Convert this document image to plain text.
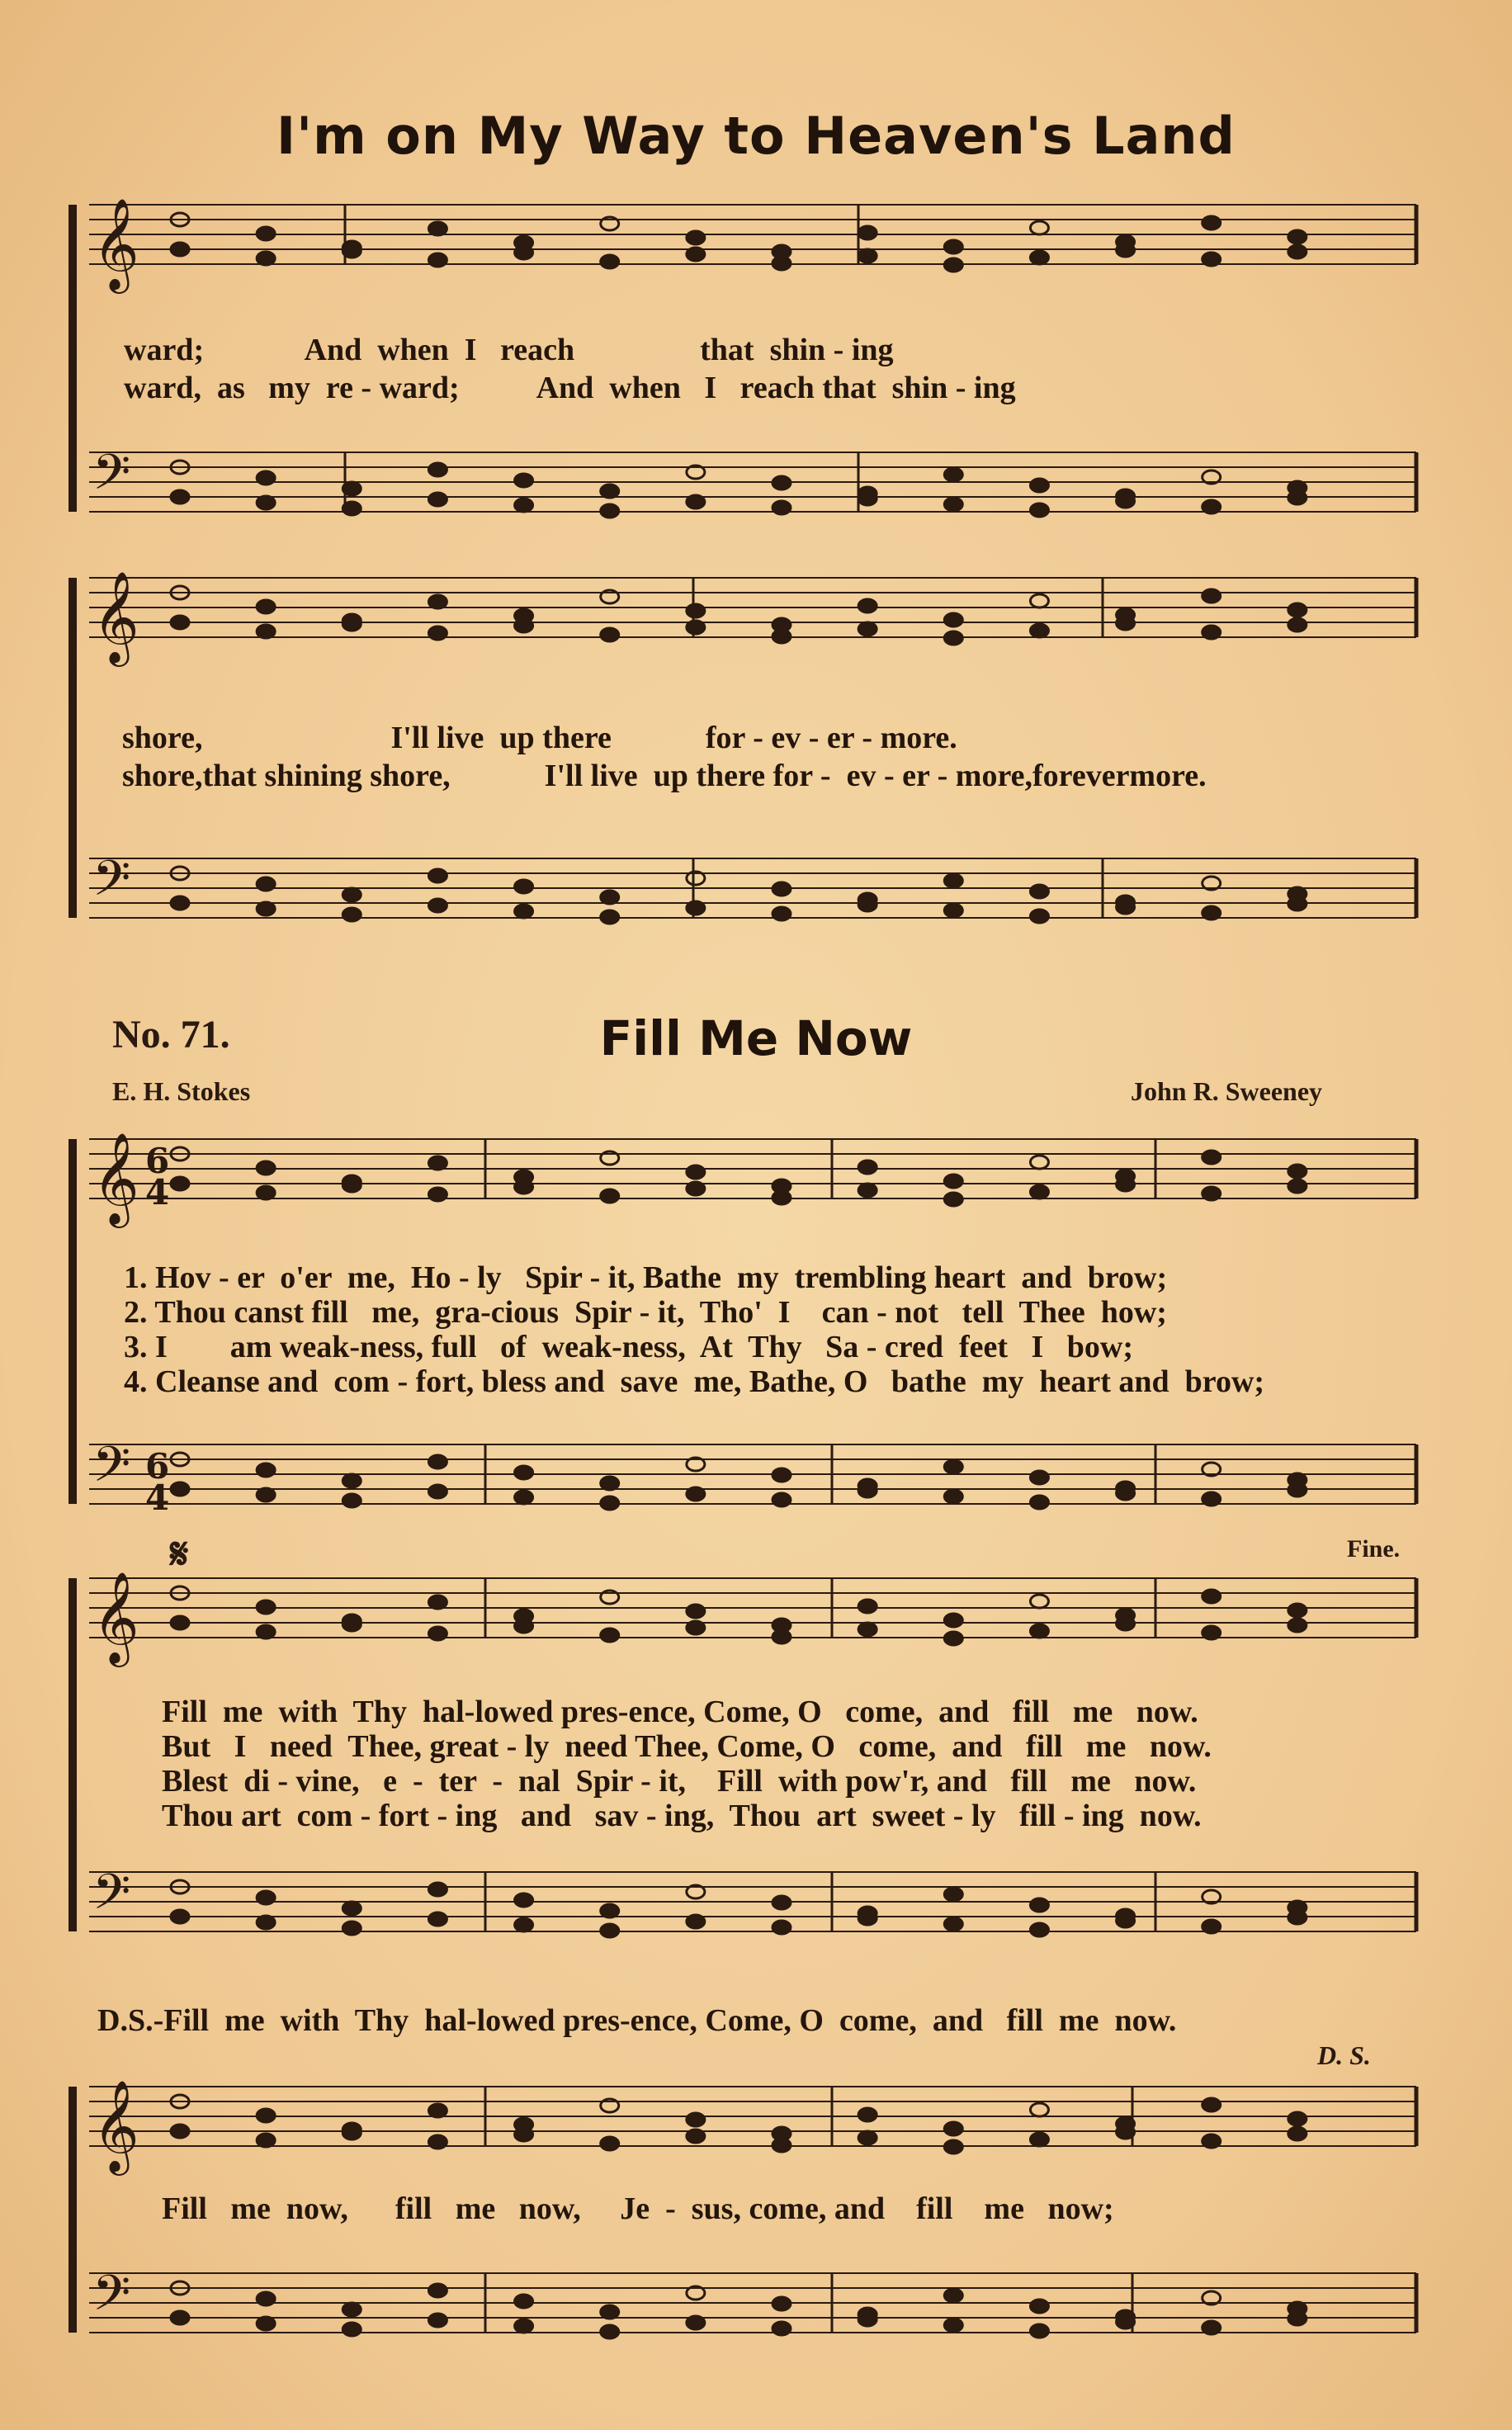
I'm on My Way to Heaven's Land
𝄞
𝄢
𝄞
𝄢
𝄞
𝄢
𝄞
𝄢
𝄞
𝄢
ward;             And  when  I   reach                that  shin - ing
ward,  as   my  re - ward;          And  when   I   reach that  shin - ing
shore,                        I'll live  up there            for - ev - er - more.
shore,that shining shore,            I'll live  up there for -  ev - er - more,forevermore.
No. 71.	Fill Me Now
E. H. Stokes	John R. Sweeney
6
4
6
4
1. Hov - er  o'er  me,  Ho - ly   Spir - it, Bathe  my  trembling heart  and  brow;
2. Thou canst fill   me,  gra-cious  Spir - it,  Tho'  I    can - not   tell  Thee  how;
3. I        am weak-ness, full   of  weak-ness,  At  Thy   Sa - cred  feet   I   bow;
4. Cleanse and  com - fort, bless and  save  me, Bathe, O   bathe  my  heart and  brow;
𝄋	Fine.
Fill  me  with  Thy  hal-lowed pres-ence, Come, O   come,  and   fill   me   now.
But   I   need  Thee, great - ly  need Thee, Come, O   come,  and   fill   me   now.
Blest  di - vine,   e  -  ter  -  nal  Spir - it,    Fill  with pow'r, and   fill   me   now.
Thou art  com - fort - ing   and   sav - ing,  Thou  art  sweet - ly   fill - ing  now.
D.S.-Fill  me  with  Thy  hal-lowed pres-ence, Come, O  come,  and   fill  me  now.
D. S.
Fill   me  now,      fill   me   now,     Je  -  sus, come, and    fill    me   now;
